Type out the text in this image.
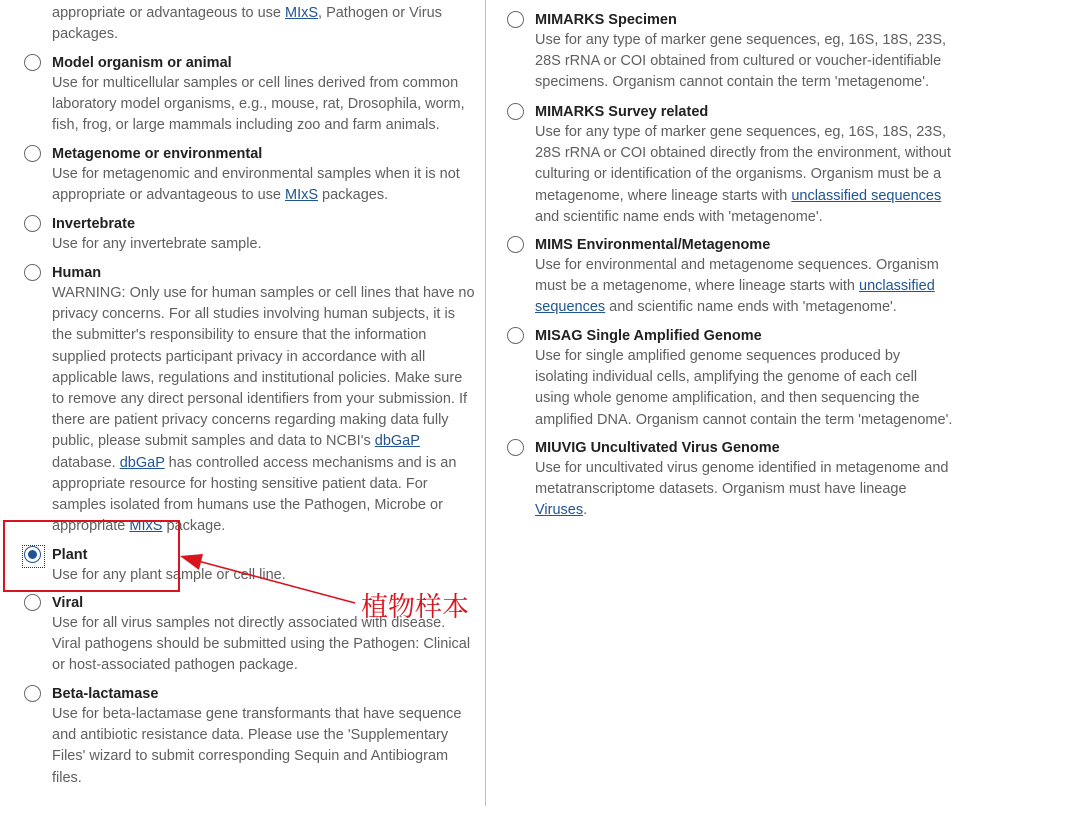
appropriate or advantageous to use MIxS, Pathogen or Virus
packages.
Model organism or animal
Use for multicellular samples or cell lines derived from common
laboratory model organisms, e.g., mouse, rat, Drosophila, worm,
fish, frog, or large mammals including zoo and farm animals.
Metagenome or environmental
Use for metagenomic and environmental samples when it is not
appropriate or advantageous to use MIxS packages.
Invertebrate
Use for any invertebrate sample.
Human
WARNING: Only use for human samples or cell lines that have no
privacy concerns. For all studies involving human subjects, it is
the submitter's responsibility to ensure that the information
supplied protects participant privacy in accordance with all
applicable laws, regulations and institutional policies. Make sure
to remove any direct personal identifiers from your submission. If
there are patient privacy concerns regarding making data fully
public, please submit samples and data to NCBI's dbGaP
database. dbGaP has controlled access mechanisms and is an
appropriate resource for hosting sensitive patient data. For
samples isolated from humans use the Pathogen, Microbe or
appropriate MIxS package.
Plant
Use for any plant sample or cell line.
Viral
Use for all virus samples not directly associated with disease.
Viral pathogens should be submitted using the Pathogen: Clinical
or host-associated pathogen package.
Beta-lactamase
Use for beta-lactamase gene transformants that have sequence
and antibiotic resistance data. Please use the 'Supplementary
Files' wizard to submit corresponding Sequin and Antibiogram
files.
MIMARKS Specimen
Use for any type of marker gene sequences, eg, 16S, 18S, 23S,
28S rRNA or COI obtained from cultured or voucher-identifiable
specimens. Organism cannot contain the term 'metagenome'.
MIMARKS Survey related
Use for any type of marker gene sequences, eg, 16S, 18S, 23S,
28S rRNA or COI obtained directly from the environment, without
culturing or identification of the organisms. Organism must be a
metagenome, where lineage starts with unclassified sequences
and scientific name ends with 'metagenome'.
MIMS Environmental/Metagenome
Use for environmental and metagenome sequences. Organism
must be a metagenome, where lineage starts with unclassified
sequences and scientific name ends with 'metagenome'.
MISAG Single Amplified Genome
Use for single amplified genome sequences produced by
isolating individual cells, amplifying the genome of each cell
using whole genome amplification, and then sequencing the
amplified DNA. Organism cannot contain the term 'metagenome'.
MIUVIG Uncultivated Virus Genome
Use for uncultivated virus genome identified in metagenome and
metatranscriptome datasets. Organism must have lineage
Viruses.
植物样本
